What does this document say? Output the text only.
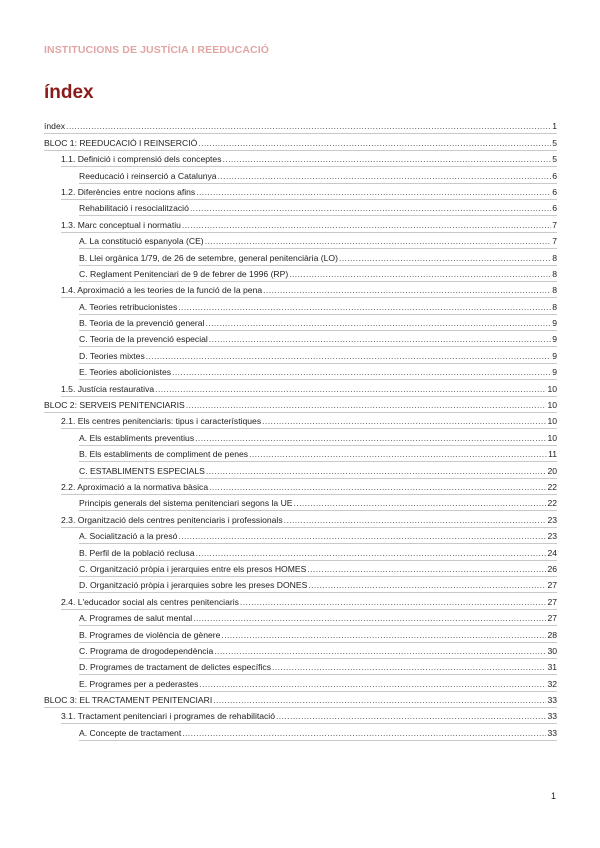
INSTITUCIONS DE JUSTÍCIA I REEDUCACIÓ
índex
índex .....	1
BLOC 1: REEDUCACIÓ I REINSERCIÓ .....	5
1.1. Definició i comprensió dels conceptes .....	5
Reeducació i reinserció a Catalunya .....	6
1.2. Diferències entre nocions afins .....	6
Rehabilitació i resocialització .....	6
1.3. Marc conceptual i normatiu .....	7
A. La constitució espanyola (CE) .....	7
B. Llei orgànica 1/79, de 26 de setembre, general penitenciària (LO) .....	8
C. Reglament Penitenciari de 9 de febrer de 1996 (RP) .....	8
1.4. Aproximació a les teories de la funció de la pena .....	8
A. Teories retribucionistes .....	8
B. Teoria de la prevenció general .....	9
C. Teoria de la prevenció especial .....	9
D. Teories mixtes .....	9
E. Teories abolicionistes .....	9
1.5. Justícia restaurativa .....	10
BLOC 2: SERVEIS PENITENCIARIS .....	10
2.1. Els centres penitenciaris: tipus i característiques .....	10
A. Els establiments preventius .....	10
B. Els establiments de compliment de penes .....	11
C. ESTABLIMENTS ESPECIALS .....	20
2.2. Aproximació a la normativa bàsica .....	22
Principis generals del sistema penitenciari segons la UE .....	22
2.3. Organització dels centres penitenciaris i professionals .....	23
A. Socialització a la presó .....	23
B. Perfil de la població reclusa .....	24
C. Organització pròpia i jerarquies entre els presos HOMES .....	26
D. Organització pròpia i jerarquies sobre les preses DONES .....	27
2.4. L'educador social als centres penitenciaris .....	27
A. Programes de salut mental .....	27
B. Programes de violència de gènere .....	28
C. Programa de drogodependència .....	30
D. Programes de tractament de delictes específics .....	31
E. Programes per a pederastes .....	32
BLOC 3: EL TRACTAMENT PENITENCIARI .....	33
3.1. Tractament penitenciari i programes de rehabilitació .....	33
A. Concepte de tractament .....	33
1
